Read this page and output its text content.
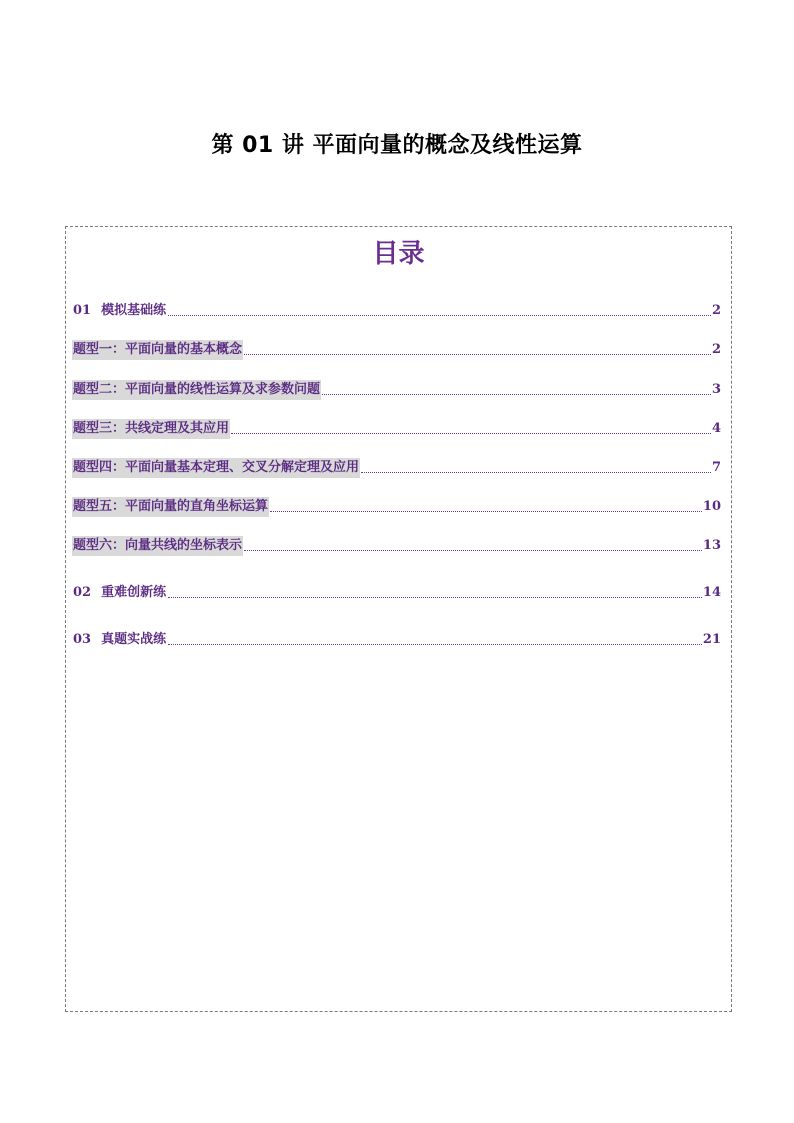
第 01 讲 平面向量的概念及线性运算
目录
01 模拟基础练	2
题型一：平面向量的基本概念	2
题型二：平面向量的线性运算及求参数问题	3
题型三：共线定理及其应用	4
题型四：平面向量基本定理、交叉分解定理及应用	7
题型五：平面向量的直角坐标运算	10
题型六：向量共线的坐标表示	13
02 重难创新练	14
03 真题实战练	21
